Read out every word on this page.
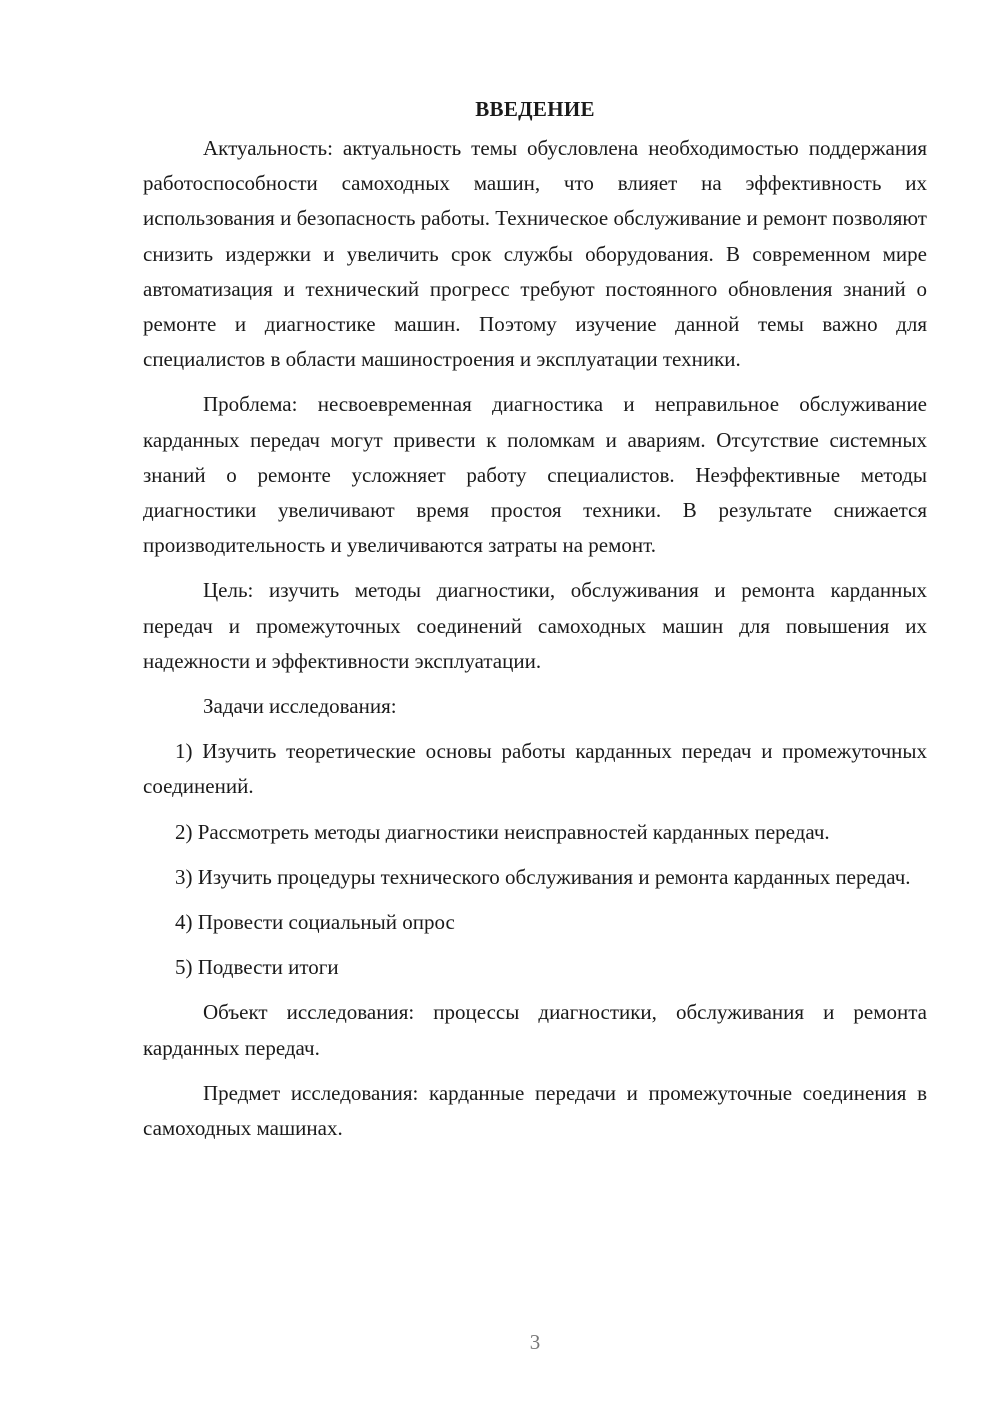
ВВЕДЕНИЕ

Актуальность: актуальность темы обусловлена необходимостью поддержания работоспособности самоходных машин, что влияет на эффективность их использования и безопасность работы. Техническое обслуживание и ремонт позволяют снизить издержки и увеличить срок службы оборудования. В современном мире автоматизация и технический прогресс требуют постоянного обновления знаний о ремонте и диагностике машин. Поэтому изучение данной темы важно для специалистов в области машиностроения и эксплуатации техники.

Проблема: несвоевременная диагностика и неправильное обслуживание карданных передач могут привести к поломкам и авариям. Отсутствие системных знаний о ремонте усложняет работу специалистов. Неэффективные методы диагностики увеличивают время простоя техники. В результате снижается производительность и увеличиваются затраты на ремонт.

Цель: изучить методы диагностики, обслуживания и ремонта карданных передач и промежуточных соединений самоходных машин для повышения их надежности и эффективности эксплуатации.

Задачи исследования:

1) Изучить теоретические основы работы карданных передач и промежуточных соединений.

2) Рассмотреть методы диагностики неисправностей карданных передач.

3) Изучить процедуры технического обслуживания и ремонта карданных передач.

4) Провести социальный опрос

5) Подвести итоги

Объект исследования: процессы диагностики, обслуживания и ремонта карданных передач.

Предмет исследования: карданные передачи и промежуточные соединения в самоходных машинах.

3
